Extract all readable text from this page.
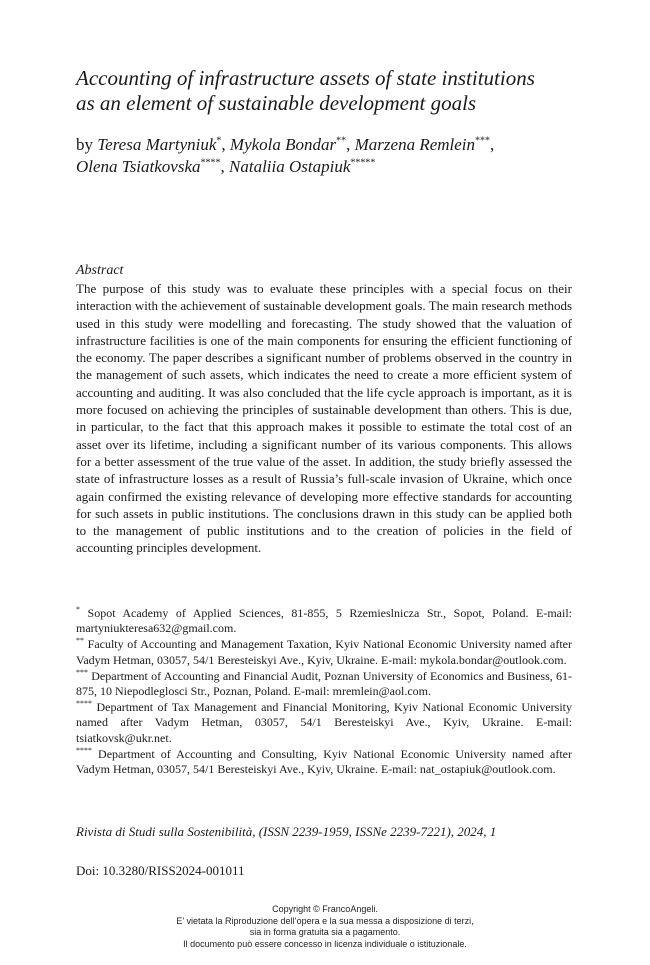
Accounting of infrastructure assets of state institutions
as an element of sustainable development goals
by Teresa Martyniuk*, Mykola Bondar**, Marzena Remlein***,
Olena Tsiatkovska****, Nataliia Ostapiuk*****
Abstract

The purpose of this study was to evaluate these principles with a special focus on their interaction with the achievement of sustainable development goals. The main research methods used in this study were modelling and forecasting. The study showed that the valuation of infrastructure facilities is one of the main components for ensuring the efficient functioning of the economy. The paper describes a significant number of problems observed in the country in the management of such assets, which indicates the need to create a more efficient system of accounting and auditing. It was also concluded that the life cycle approach is important, as it is more focused on achieving the principles of sustainable development than others. This is due, in particular, to the fact that this approach makes it possible to estimate the total cost of an asset over its lifetime, including a significant number of its various components. This allows for a better assessment of the true value of the asset. In addition, the study briefly assessed the state of infrastructure losses as a result of Russia’s full-scale invasion of Ukraine, which once again confirmed the existing relevance of developing more effective standards for accounting for such assets in public institutions. The conclusions drawn in this study can be applied both to the management of public institutions and to the creation of policies in the field of accounting principles development.

* Sopot Academy of Applied Sciences, 81-855, 5 Rzemieslnicza Str., Sopot, Poland. E-mail: martyniukteresa632@gmail.com.

** Faculty of Accounting and Management Taxation, Kyiv National Economic University named after Vadym Hetman, 03057, 54/1 Beresteiskyi Ave., Kyiv, Ukraine. E-mail: mykola.bondar@outlook.com.

*** Department of Accounting and Financial Audit, Poznan University of Economics and Business, 61-875, 10 Niepodleglosci Str., Poznan, Poland. E-mail: mremlein@aol.com.

**** Department of Tax Management and Financial Monitoring, Kyiv National Economic University named after Vadym Hetman, 03057, 54/1 Beresteiskyi Ave., Kyiv, Ukraine. E-mail: tsiatkovsk@ukr.net.

**** Department of Accounting and Consulting, Kyiv National Economic University named after Vadym Hetman, 03057, 54/1 Beresteiskyi Ave., Kyiv, Ukraine. E-mail: nat_ostapiuk@outlook.com.

Rivista di Studi sulla Sostenibilità, (ISSN 2239-1959, ISSNe 2239-7221), 2024, 1
Doi: 10.3280/RISS2024-001011
Copyright © FrancoAngeli.
E’ vietata la Riproduzione dell’opera e la sua messa a disposizione di terzi,
sia in forma gratuita sia a pagamento.
Il documento può essere concesso in licenza individuale o istituzionale.
